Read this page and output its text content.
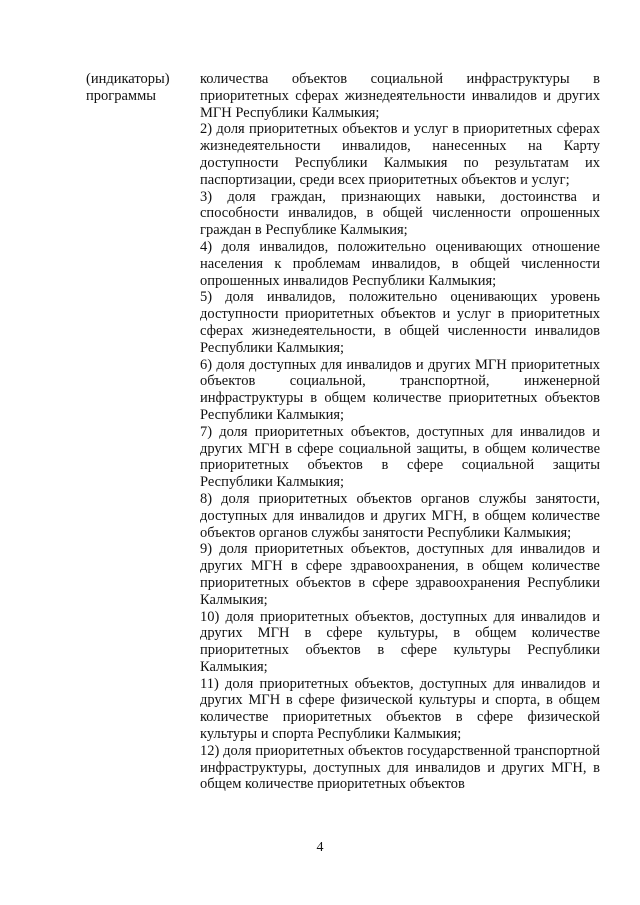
(индикаторы)
программы

количества объектов социальной инфраструктуры в приоритетных сферах жизнедеятельности инвалидов и других МГН Республики Калмыкия;

2) доля приоритетных объектов и услуг в приоритетных сферах жизнедеятельности инвалидов, нанесенных на Карту доступности Республики Калмыкия по результатам их паспортизации, среди всех приоритетных объектов и услуг;

3) доля граждан, признающих навыки, достоинства и способности инвалидов, в общей численности опрошенных граждан в Республике Калмыкия;

4) доля инвалидов, положительно оценивающих отношение населения к проблемам инвалидов, в общей численности опрошенных инвалидов Республики Калмыкия;

5) доля инвалидов, положительно оценивающих уровень доступности приоритетных объектов и услуг в приоритетных сферах жизнедеятельности, в общей численности инвалидов Республики Калмыкия;

6) доля доступных для инвалидов и других МГН приоритетных объектов социальной, транспортной, инженерной инфраструктуры в общем количестве приоритетных объектов Республики Калмыкия;

7) доля приоритетных объектов, доступных для инвалидов и других МГН в сфере социальной защиты, в общем количестве приоритетных объектов в сфере социальной защиты Республики Калмыкия;

8) доля приоритетных объектов органов службы занятости, доступных для инвалидов и других МГН, в общем количестве объектов органов службы занятости Республики Калмыкия;

9) доля приоритетных объектов, доступных для инвалидов и других МГН в сфере здравоохранения, в общем количестве приоритетных объектов в сфере здравоохранения Республики Калмыкия;

10) доля приоритетных объектов, доступных для инвалидов и других МГН в сфере культуры, в общем количестве приоритетных объектов в сфере культуры Республики Калмыкия;

11) доля приоритетных объектов, доступных для инвалидов и других МГН в сфере физической культуры и спорта, в общем количестве приоритетных объектов в сфере физической культуры и спорта Республики Калмыкия;

12) доля приоритетных объектов государственной транспортной инфраструктуры, доступных для инвалидов и других МГН, в общем количестве приоритетных объектов

4
